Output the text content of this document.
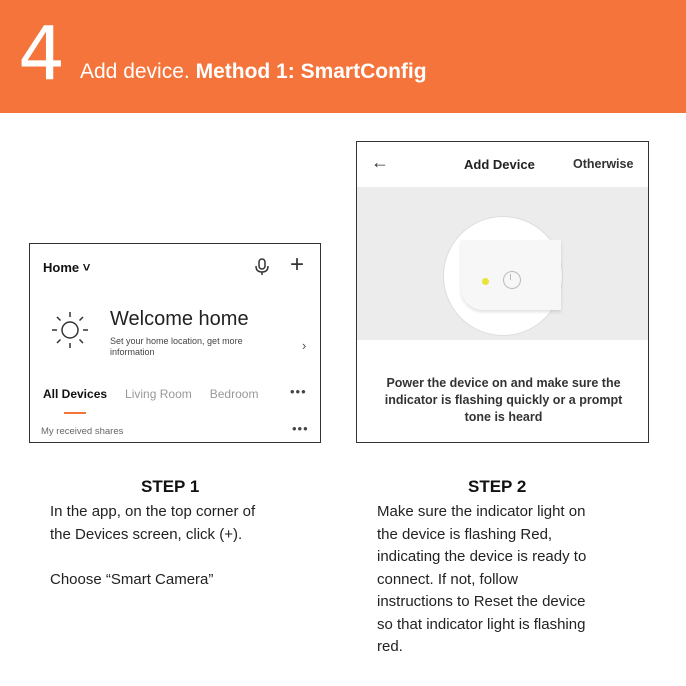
4 Add device. Method 1: SmartConfig
Home ˅	+
Welcome home
Set your home location, get more information	›
All Devices Living Room Bedroom •••
My received shares	•••
←	Add Device	Otherwise
Power the device on and make sure the indicator is flashing quickly or a prompt tone is heard
STEP 1
In the app, on the top corner of
the Devices screen, click (+).
Choose “Smart Camera”
STEP 2
Make sure the indicator light on
the device is flashing Red,
indicating the device is ready to
connect. If not, follow
instructions to Reset the device
so that indicator light is flashing
red.
